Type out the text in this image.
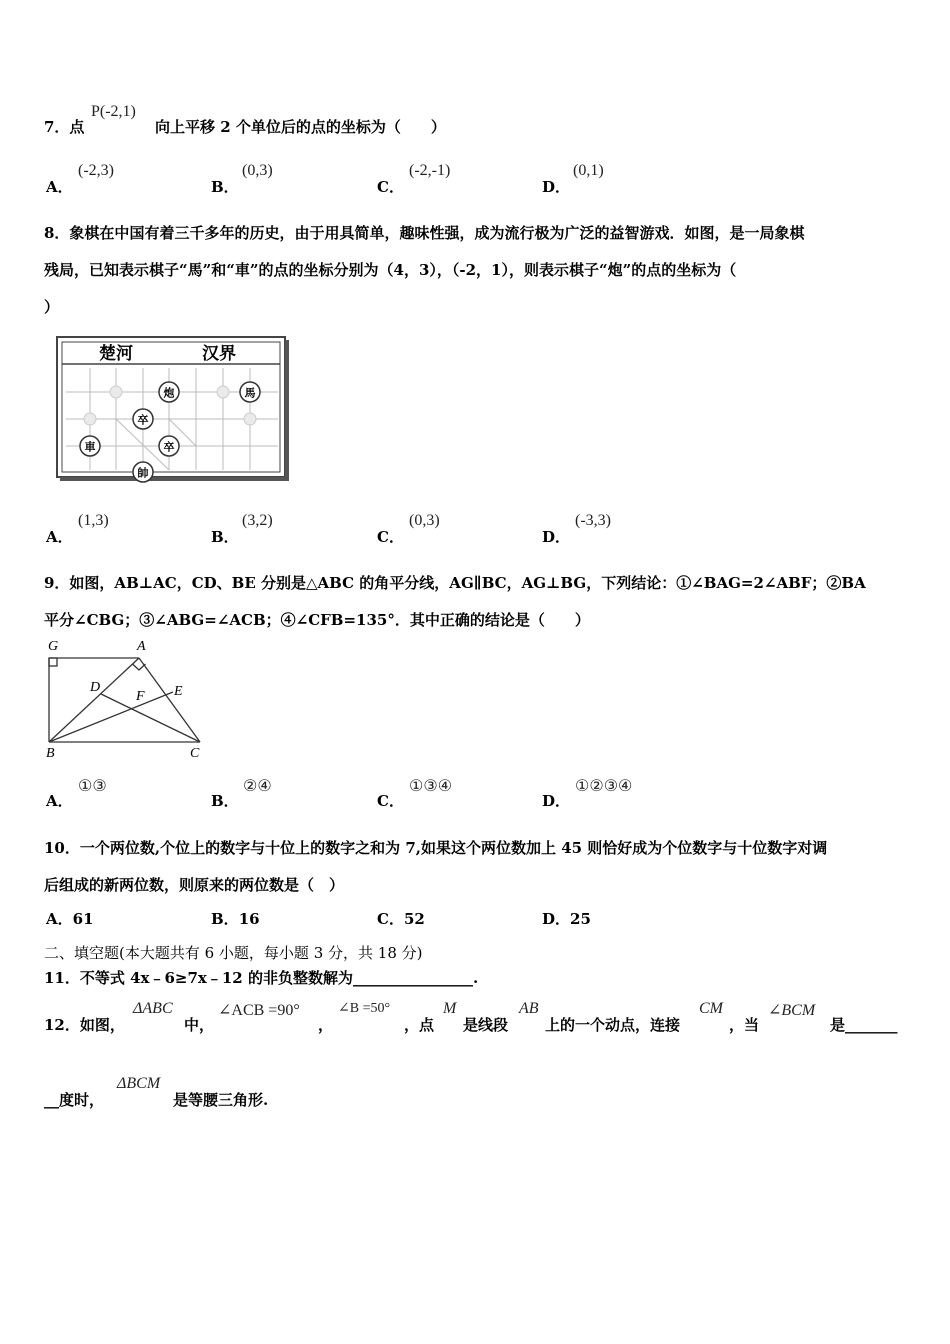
7．点
P(-2,1)
向上平移 2 个单位后的点的坐标为（　　）
A．
(-2,3)
B．
(0,3)
C．
(-2,-1)
D．
(0,1)
8．象棋在中国有着三千多年的历史，由于用具简单，趣味性强，成为流行极为广泛的益智游戏．如图，是一局象棋
残局，已知表示棋子“馬”和“車”的点的坐标分别为（4，3），（-2，1），则表示棋子“炮”的点的坐标为（
）
楚河	汉界
炮	馬
卒
車	卒
帥
A．
(1,3)
B．
(3,2)
C．
(0,3)
D．
(-3,3)
9．如图，AB⊥AC，CD、BE 分别是△ABC 的角平分线，AG∥BC，AG⊥BG，下列结论：①∠BAG=2∠ABF；②BA
平分∠CBG；③∠ABG=∠ACB；④∠CFB=135°．其中正确的结论是（　　）
G	A
D
F E
B	C
A．
①③
B．
②④
C．
①③④
D．
①②③④
10．一个两位数,个位上的数字与十位上的数字之和为 7,如果这个两位数加上 45 则恰好成为个位数字与十位数字对调
后组成的新两位数，则原来的两位数是（　）
A．61	B．16	C．52	D．25
二、填空题(本大题共有 6 小题，每小题 3 分，共 18 分)
11．不等式 4x﹣6≥7x﹣12 的非负整数解为________________.
12．如图，
ΔABC
中，
∠ACB =90°
，
∠B =50°
，点
M
是线段
AB
上的一个动点，连接
CM
，当
∠BCM
是_______
__度时，
ΔBCM
是等腰三角形.
